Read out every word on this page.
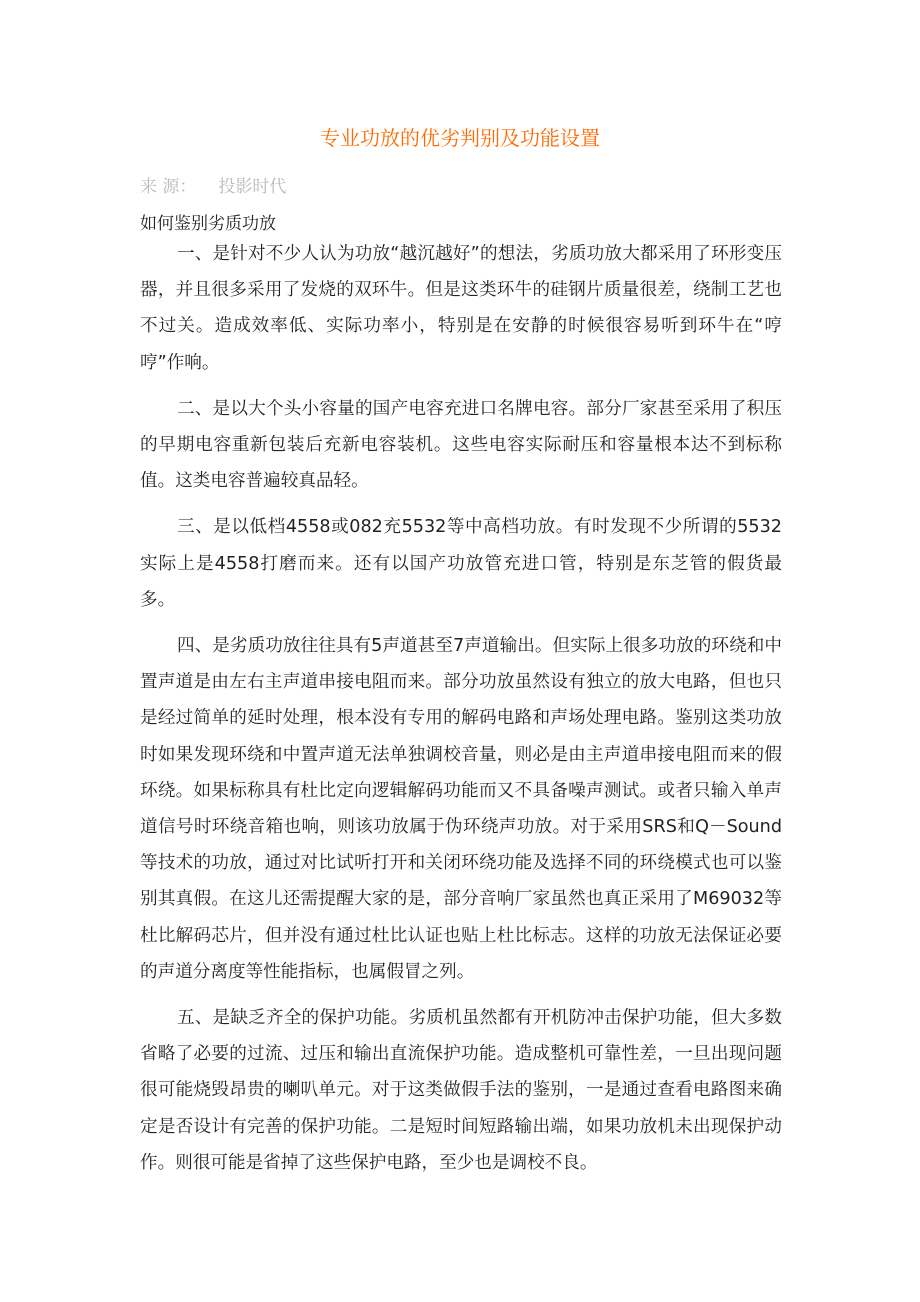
专业功放的优劣判别及功能设置
来 源： 投影时代
如何鉴别劣质功放

一、是针对不少人认为功放“越沉越好”的想法，劣质功放大都采用了环形变压器，并且很多采用了发烧的双环牛。但是这类环牛的硅钢片质量很差，绕制工艺也不过关。造成效率低、实际功率小，特别是在安静的时候很容易听到环牛在“哼哼”作响。

二、是以大个头小容量的国产电容充进口名牌电容。部分厂家甚至采用了积压的早期电容重新包装后充新电容装机。这些电容实际耐压和容量根本达不到标称值。这类电容普遍较真品轻。

三、是以低档4558或082充5532等中高档功放。有时发现不少所谓的5532实际上是4558打磨而来。还有以国产功放管充进口管，特别是东芝管的假货最多。

四、是劣质功放往往具有5声道甚至7声道输出。但实际上很多功放的环绕和中置声道是由左右主声道串接电阻而来。部分功放虽然设有独立的放大电路，但也只是经过简单的延时处理，根本没有专用的解码电路和声场处理电路。鉴别这类功放时如果发现环绕和中置声道无法单独调校音量，则必是由主声道串接电阻而来的假环绕。如果标称具有杜比定向逻辑解码功能而又不具备噪声测试。或者只输入单声道信号时环绕音箱也响，则该功放属于伪环绕声功放。对于采用SRS和Q－Sound等技术的功放，通过对比试听打开和关闭环绕功能及选择不同的环绕模式也可以鉴别其真假。在这儿还需提醒大家的是，部分音响厂家虽然也真正采用了M69032等杜比解码芯片，但并没有通过杜比认证也贴上杜比标志。这样的功放无法保证必要的声道分离度等性能指标，也属假冒之列。

五、是缺乏齐全的保护功能。劣质机虽然都有开机防冲击保护功能，但大多数省略了必要的过流、过压和输出直流保护功能。造成整机可靠性差，一旦出现问题很可能烧毁昂贵的喇叭单元。对于这类做假手法的鉴别，一是通过查看电路图来确定是否设计有完善的保护功能。二是短时间短路输出端，如果功放机未出现保护动作。则很可能是省掉了这些保护电路，至少也是调校不良。
